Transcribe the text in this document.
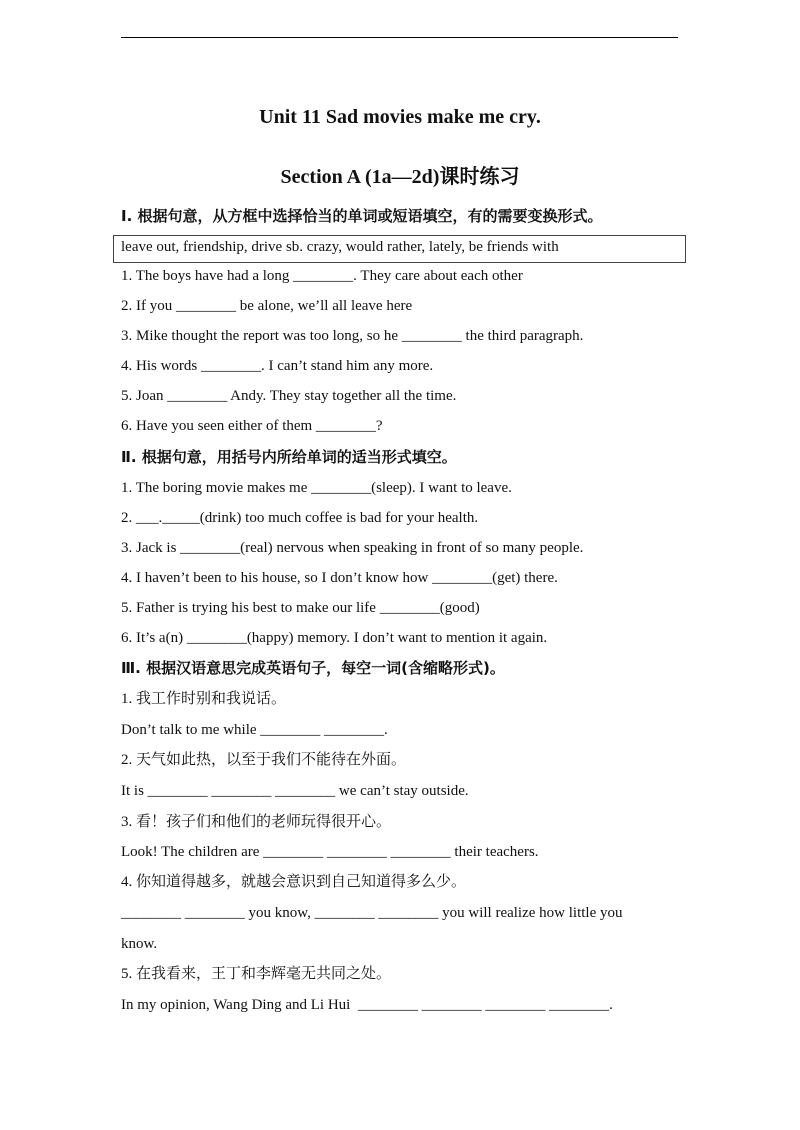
Unit 11 Sad movies make me cry.
Section A (1a—2d)课时练习
Ⅰ. 根据句意，从方框中选择恰当的单词或短语填空，有的需要变换形式。
leave out, friendship, drive sb. crazy, would rather, lately, be friends with
1. The boys have had a long ________. They care about each other
2. If you ________ be alone, we’ll all leave here
3. Mike thought the report was too long, so he ________ the third paragraph.
4. His words ________. I can’t stand him any more.
5. Joan ________ Andy. They stay together all the time.
6. Have you seen either of them ________?
Ⅱ. 根据句意，用括号内所给单词的适当形式填空。
1. The boring movie makes me ________(sleep). I want to leave.
2. ___._____(drink) too much coffee is bad for your health.
3. Jack is ________(real) nervous when speaking in front of so many people.
4. I haven’t been to his house, so I don’t know how ________(get) there.
5. Father is trying his best to make our life ________(good)
6. It’s a(n) ________(happy) memory. I don’t want to mention it again.
Ⅲ. 根据汉语意思完成英语句子，每空一词(含缩略形式)。
1. 我工作时别和我说话。
Don’t talk to me while ________ ________.
2. 天气如此热，以至于我们不能待在外面。
It is ________ ________ ________ we can’t stay outside.
3. 看！孩子们和他们的老师玩得很开心。
Look! The children are ________ ________ ________ their teachers.
4. 你知道得越多，就越会意识到自己知道得多么少。
________ ________ you know, ________ ________ you will realize how little you
know.
5. 在我看来，王丁和李辉毫无共同之处。
In my opinion, Wang Ding and Li Hui  ________ ________ ________ ________.
